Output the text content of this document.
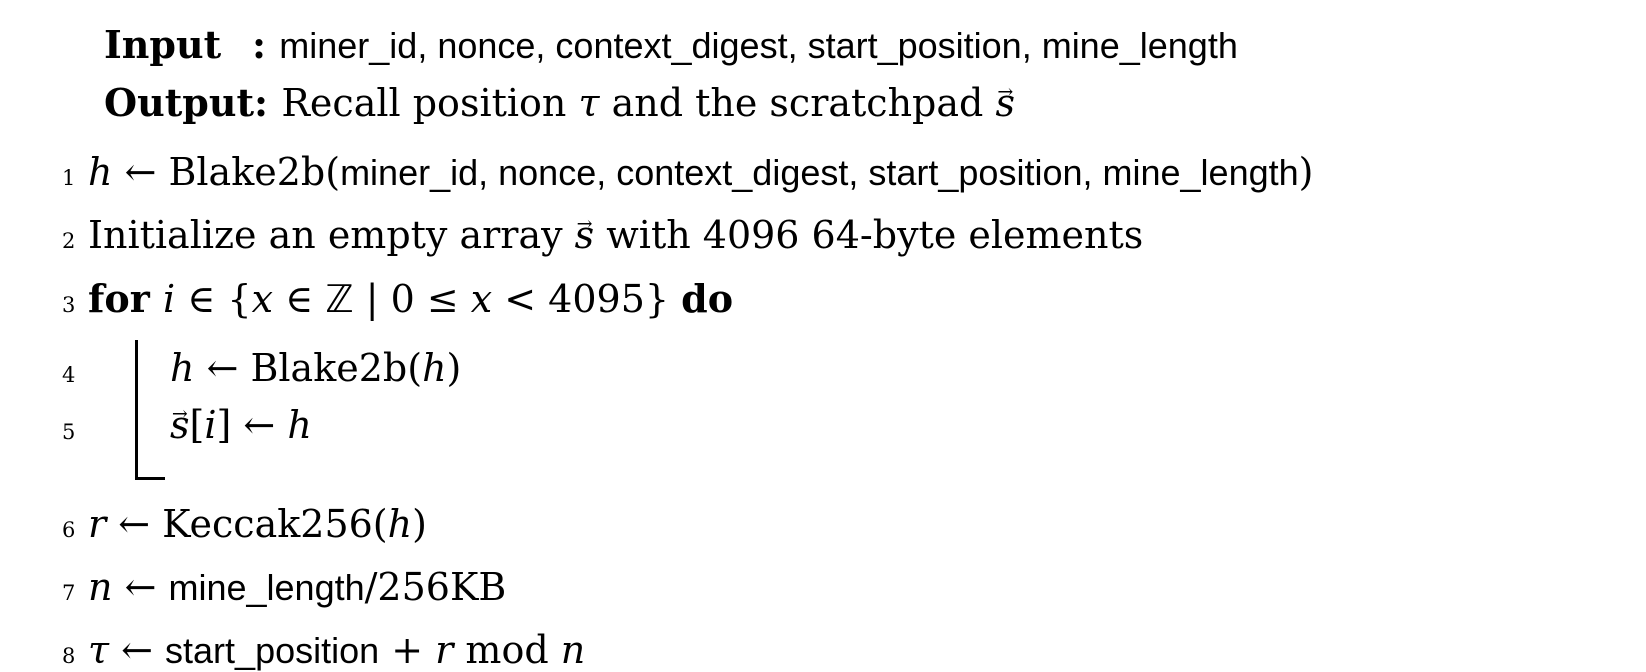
Input : miner_id, nonce, context_digest, start_position, mine_length
Output: Recall position τ and the scratchpad s →
1 h ← Blake2b(miner_id, nonce, context_digest, start_position, mine_length)
2 Initialize an empty array s → with 4096 64-byte elements
3 for i ∈ {x ∈ ℤ | 0 ≤ x < 4095} do
4
5
h ← Blake2b(h)
s →[i] ← h
6 r ← Keccak256(h)
7 n ← mine_length/256KB
8 τ ← start_position + r mod n
